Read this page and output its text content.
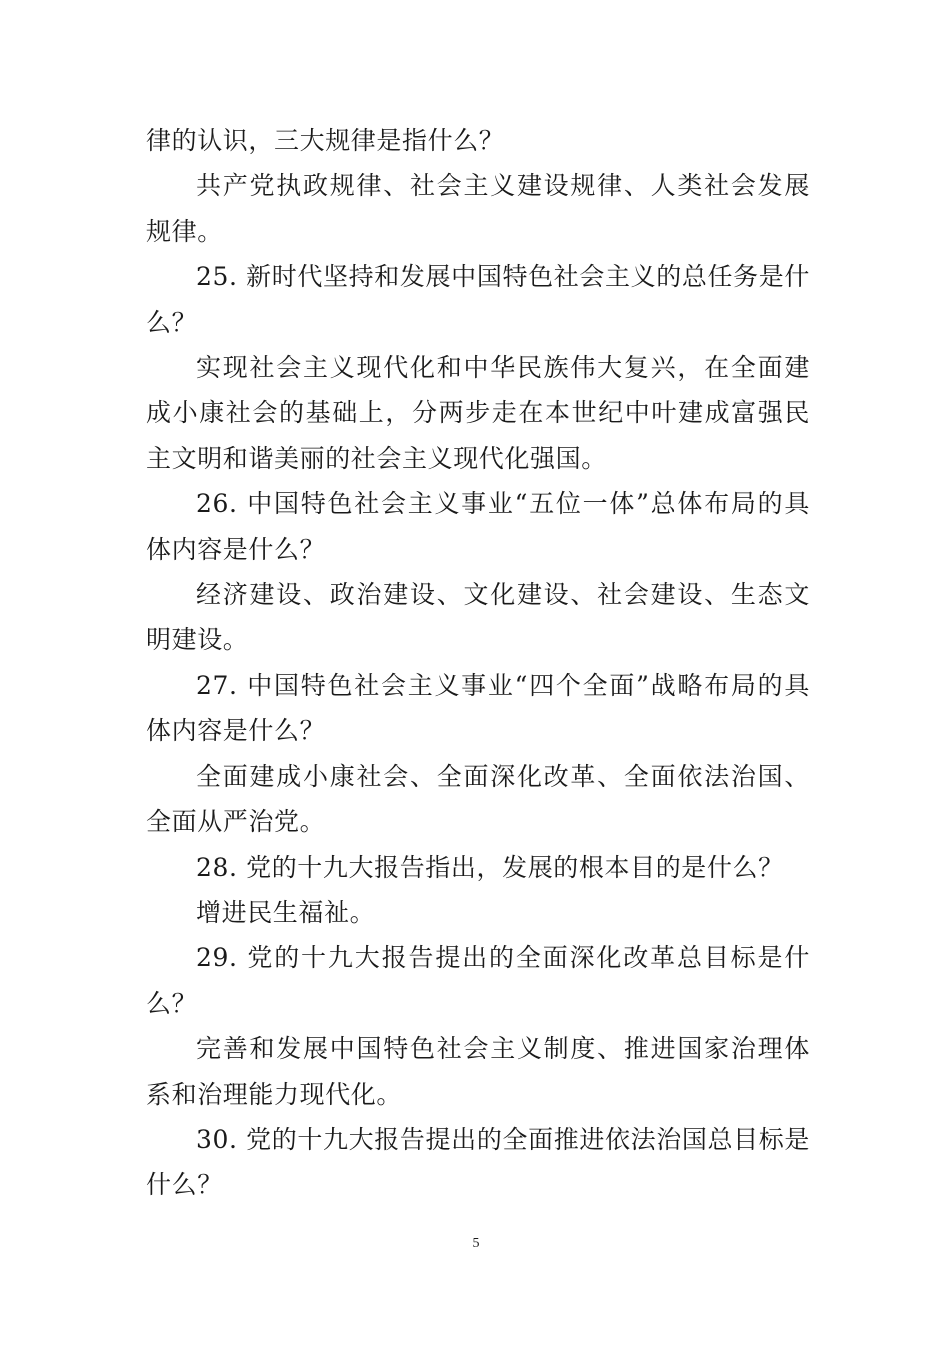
律的认识，三大规律是指什么？

共产党执政规律、社会主义建设规律、人类社会发展规律。

25. 新时代坚持和发展中国特色社会主义的总任务是什么？

实现社会主义现代化和中华民族伟大复兴，在全面建成小康社会的基础上，分两步走在本世纪中叶建成富强民主文明和谐美丽的社会主义现代化强国。

26. 中国特色社会主义事业“五位一体”总体布局的具体内容是什么？

经济建设、政治建设、文化建设、社会建设、生态文明建设。

27. 中国特色社会主义事业“四个全面”战略布局的具体内容是什么？

全面建成小康社会、全面深化改革、全面依法治国、全面从严治党。

28. 党的十九大报告指出，发展的根本目的是什么？

增进民生福祉。

29. 党的十九大报告提出的全面深化改革总目标是什么？

完善和发展中国特色社会主义制度、推进国家治理体系和治理能力现代化。

30. 党的十九大报告提出的全面推进依法治国总目标是什么？

5
